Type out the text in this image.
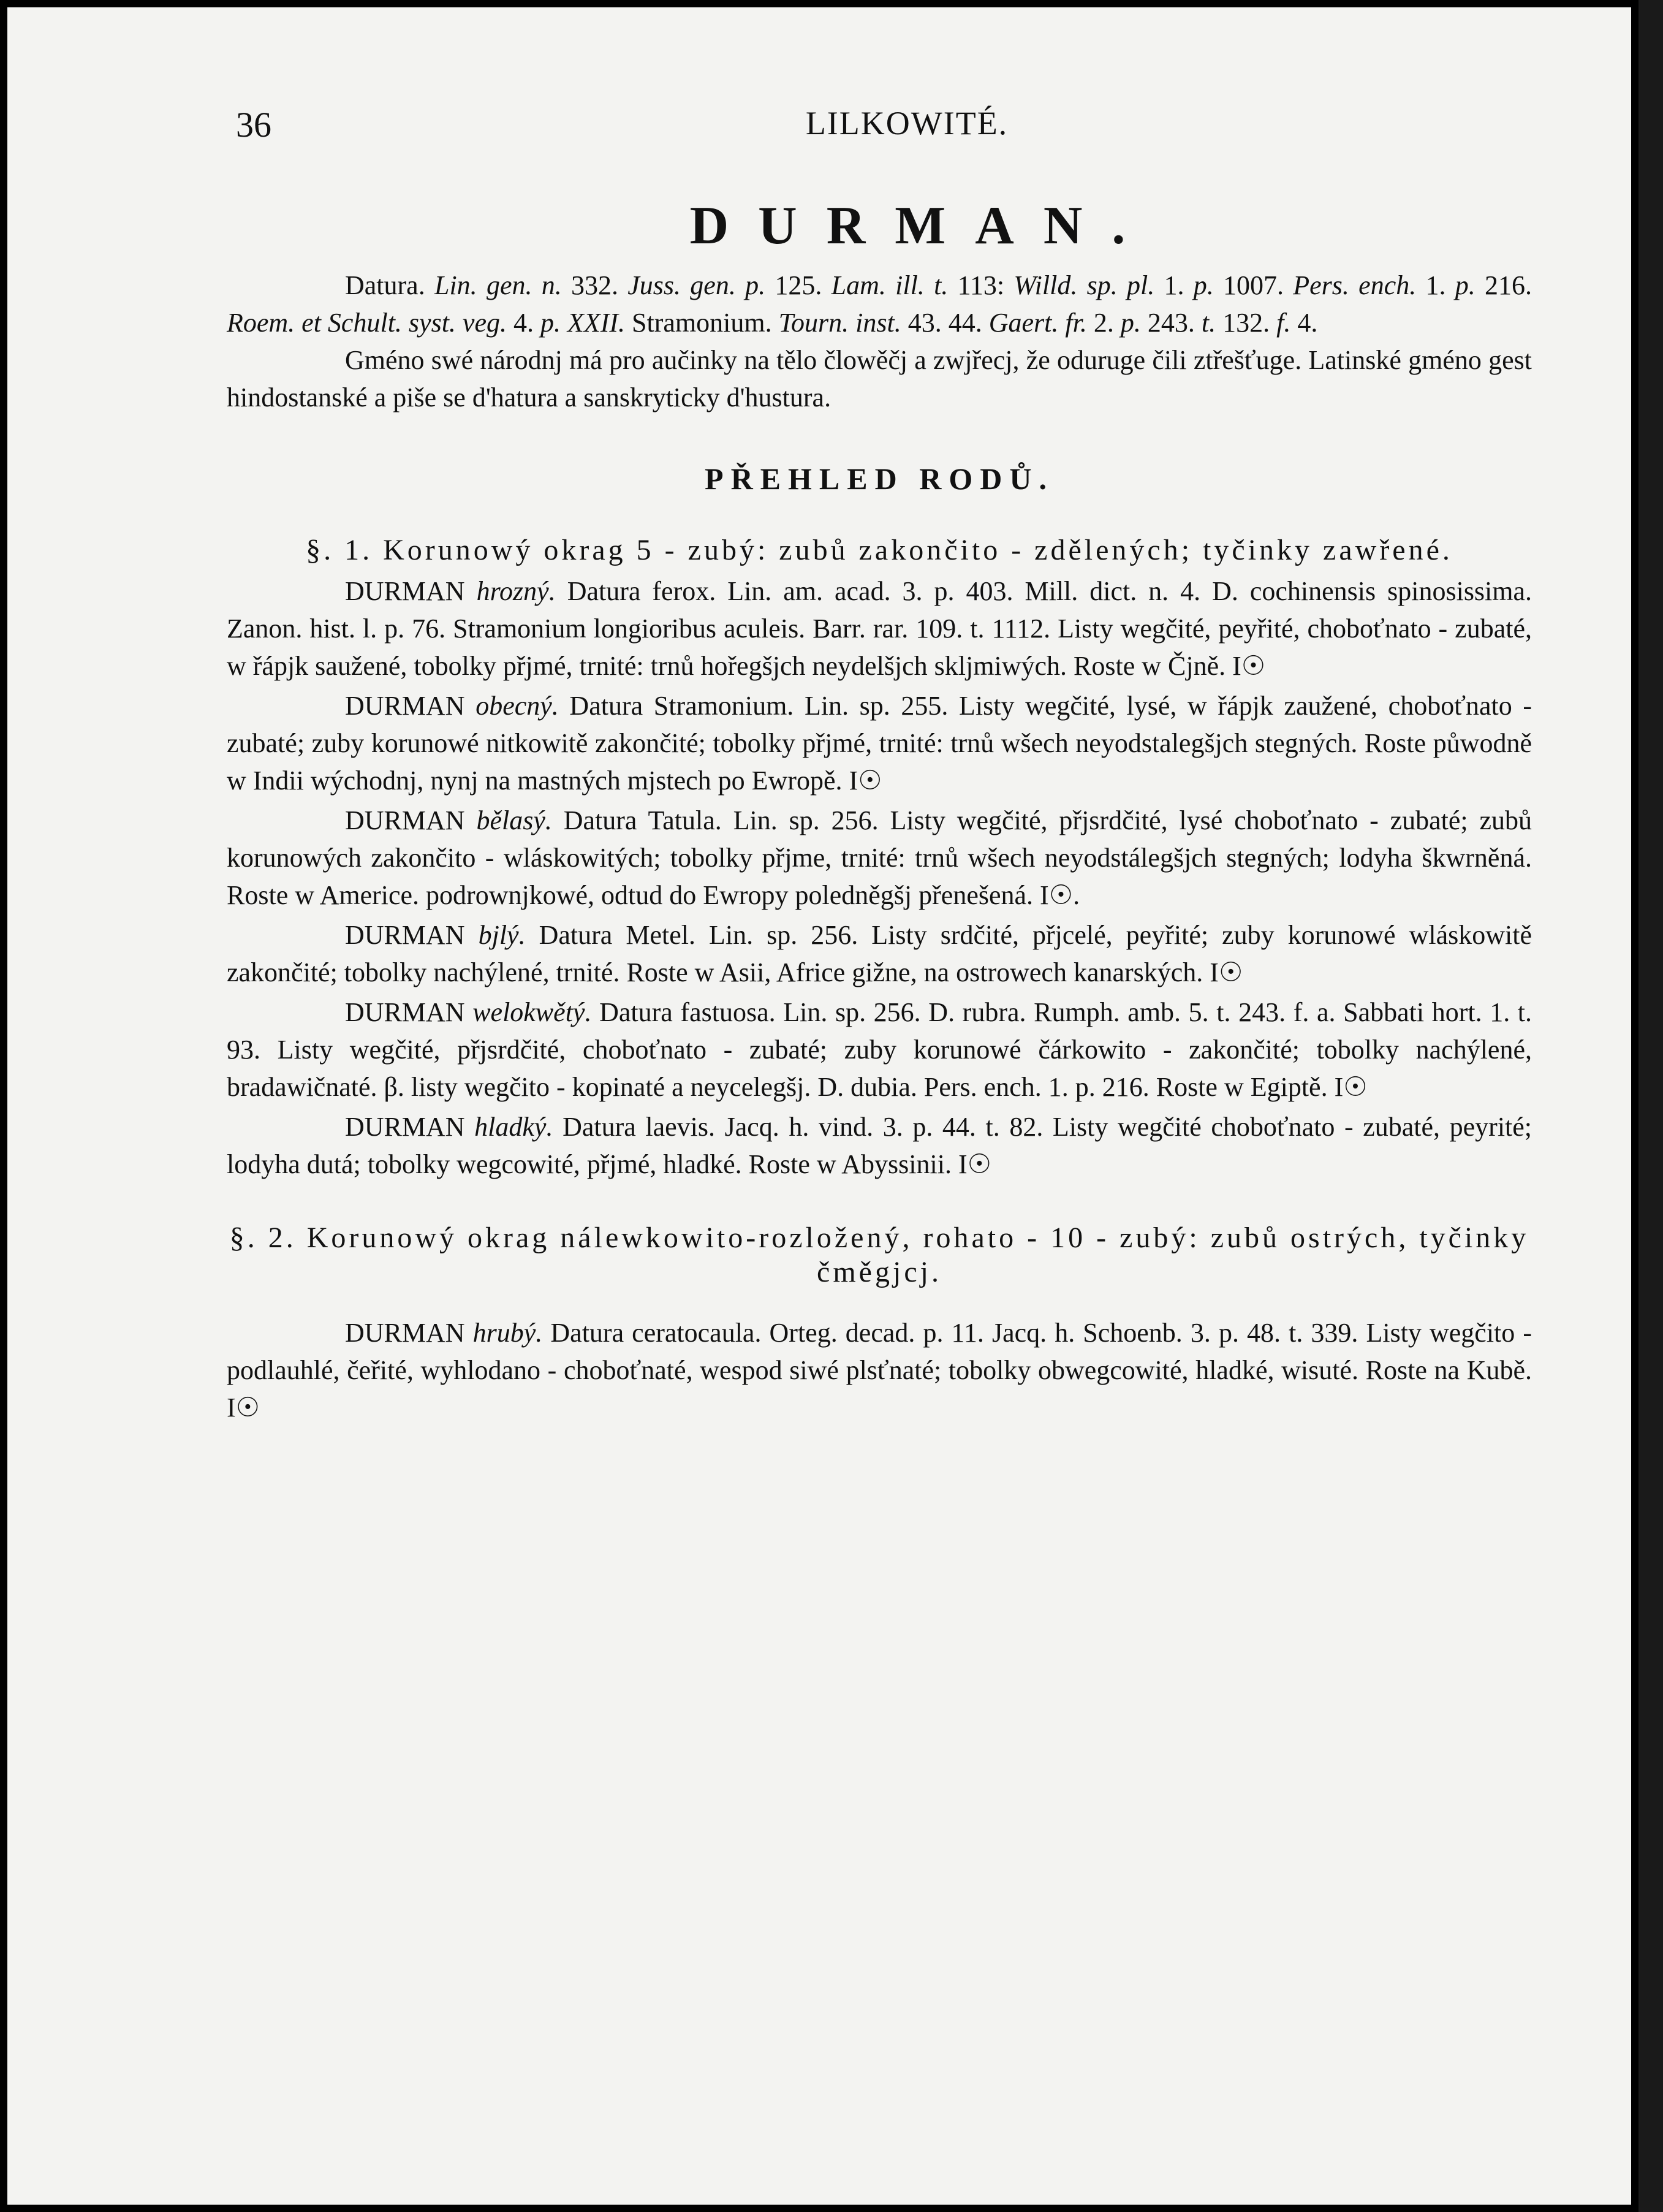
36	LILKOWITÉ.
DURMAN.

Datura. Lin. gen. n. 332. Juss. gen. p. 125. Lam. ill. t. 113: Willd. sp. pl. 1. p. 1007. Pers. ench. 1. p. 216. Roem. et Schult. syst. veg. 4. p. XXII. Stramonium. Tourn. inst. 43. 44. Gaert. fr. 2. p. 243. t. 132. f. 4.

Gméno swé národnj má pro aučinky na tělo člowěčj a zwjřecj, že oduruge čili ztřešťuge. Latinské gméno gest hindostanské a piše se d'hatura a sanskryticky d'hustura.

PŘEHLED RODŮ.

§. 1. Korunowý okrag 5 - zubý: zubů zakončito - zdělených; tyčinky zawřené.

DURMAN hrozný. Datura ferox. Lin. am. acad. 3. p. 403. Mill. dict. n. 4. D. cochinensis spinosissima. Zanon. hist. l. p. 76. Stramonium longioribus aculeis. Barr. rar. 109. t. 1112. Listy wegčité, peyřité, choboťnato - zubaté, w řápjk saužené, tobolky přjmé, trnité: trnů hořegšjch neydelšjch skljmiwých. Roste w Čjně. I☉

DURMAN obecný. Datura Stramonium. Lin. sp. 255. Listy wegčité, lysé, w řápjk zaužené, choboťnato - zubaté; zuby korunowé nitkowitě zakončité; tobolky přjmé, trnité: trnů wšech neyodstalegšjch stegných. Roste půwodně w Indii wýchodnj, nynj na mastných mjstech po Ewropě. I☉

DURMAN bělasý. Datura Tatula. Lin. sp. 256. Listy wegčité, přjsrdčité, lysé choboťnato - zubaté; zubů korunowých zakončito - wláskowitých; tobolky přjme, trnité: trnů wšech neyodstálegšjch stegných; lodyha škwrněná. Roste w Americe. podrownjkowé, odtud do Ewropy poledněgšj přenešená. I☉.

DURMAN bjlý. Datura Metel. Lin. sp. 256. Listy srdčité, přjcelé, peyřité; zuby korunowé wláskowitě zakončité; tobolky nachýlené, trnité. Roste w Asii, Africe gižne, na ostrowech kanarských. I☉

DURMAN welokwětý. Datura fastuosa. Lin. sp. 256. D. rubra. Rumph. amb. 5. t. 243. f. a. Sabbati hort. 1. t. 93. Listy wegčité, přjsrdčité, choboťnato - zubaté; zuby korunowé čárkowito - zakončité; tobolky nachýlené, bradawičnaté. β. listy wegčito - kopinaté a neycelegšj. D. dubia. Pers. ench. 1. p. 216. Roste w Egiptě. I☉

DURMAN hladký. Datura laevis. Jacq. h. vind. 3. p. 44. t. 82. Listy wegčité choboťnato - zubaté, peyrité; lodyha dutá; tobolky wegcowité, přjmé, hladké. Roste w Abyssinii. I☉

§. 2. Korunowý okrag nálewkowito-rozložený, rohato - 10 - zubý: zubů ostrých, tyčinky čměgjcj.

DURMAN hrubý. Datura ceratocaula. Orteg. decad. p. 11. Jacq. h. Schoenb. 3. p. 48. t. 339. Listy wegčito - podlauhlé, čeřité, wyhlodano - choboťnaté, wespod siwé plsťnaté; tobolky obwegcowité, hladké, wisuté. Roste na Kubě. I☉
